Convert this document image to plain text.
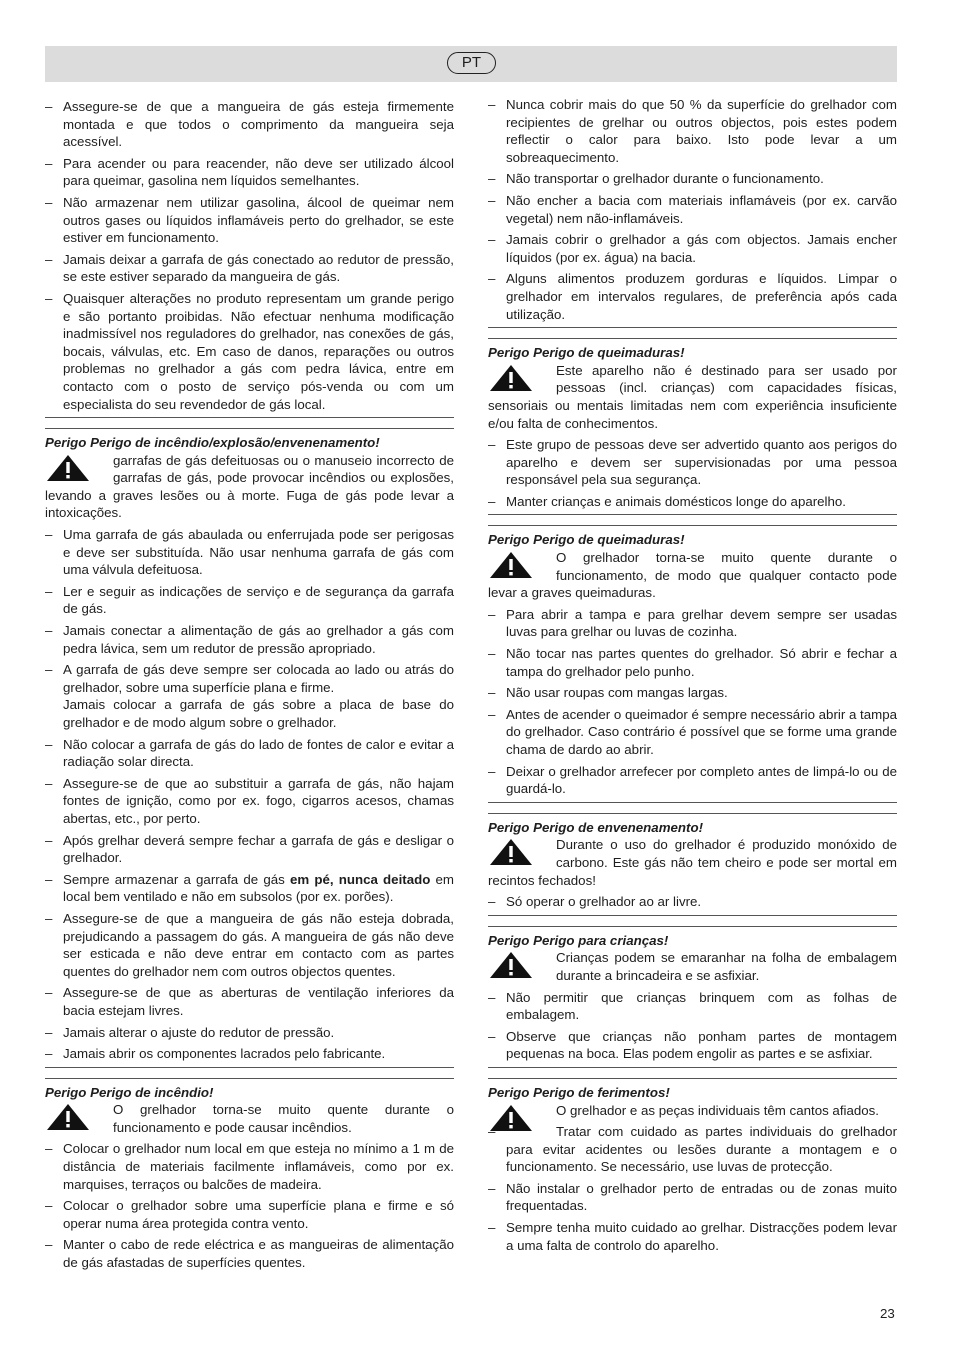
PT
– Assegure-se de que a mangueira de gás esteja firmemente montada e que todos o comprimento da mangueira seja acessível.
– Para acender ou para reacender, não deve ser utilizado álcool para queimar, gasolina nem líquidos semelhantes.
– Não armazenar nem utilizar gasolina, álcool de queimar nem outros gases ou líquidos inflamáveis perto do grelhador, se este estiver em funcionamento.
– Jamais deixar a garrafa de gás conectado ao redutor de pressão, se este estiver separado da mangueira de gás.
– Quaisquer alterações no produto representam um grande perigo e são portanto proibidas. Não efectuar nenhuma modificação inadmissível nos reguladores do grelhador, nas conexões de gás, bocais, válvulas, etc. Em caso de danos, reparações ou outros problemas no grelhador a gás com pedra lávica, entre em contacto com o posto de serviço pós-venda ou com um especialista do seu revendedor de gás local.

Perigo Perigo de incêndio/explosão/envenenamento!

garrafas de gás defeituosas ou o manuseio incorrecto de garrafas de gás, pode provocar incêndios ou explosões, levando a graves lesões ou à morte. Fuga de gás pode levar a intoxicações.

– Uma garrafa de gás abaulada ou enferrujada pode ser perigosas e deve ser substituída. Não usar nenhuma garrafa de gás com uma válvula defeituosa.
– Ler e seguir as indicações de serviço e de segurança da garrafa de gás.
– Jamais conectar a alimentação de gás ao grelhador a gás com pedra lávica, sem um redutor de pressão apropriado.
– A garrafa de gás deve sempre ser colocada ao lado ou atrás do grelhador, sobre uma superfície plana e firme.
Jamais colocar a garrafa de gás sobre a placa de base do grelhador e de modo algum sobre o grelhador.
– Não colocar a garrafa de gás do lado de fontes de calor e evitar a radiação solar directa.
– Assegure-se de que ao substituir a garrafa de gás, não hajam fontes de ignição, como por ex. fogo, cigarros acesos, chamas abertas, etc., por perto.
– Após grelhar deverá sempre fechar a garrafa de gás e desligar o grelhador.
– Sempre armazenar a garrafa de gás em pé, nunca deitado em local bem ventilado e não em subsolos (por ex. porões).
– Assegure-se de que a mangueira de gás não esteja dobrada, prejudicando a passagem do gás. A mangueira de gás não deve ser esticada e não deve entrar em contacto com as partes quentes do grelhador nem com outros objectos quentes.
– Assegure-se de que as aberturas de ventilação inferiores da bacia estejam livres.
– Jamais alterar o ajuste do redutor de pressão.
– Jamais abrir os componentes lacrados pelo fabricante.

Perigo Perigo de incêndio!

O grelhador torna-se muito quente durante o funcionamento e pode causar incêndios.

– Colocar o grelhador num local em que esteja no mínimo a 1 m de distância de materiais facilmente inflamáveis, como por ex. marquises, terraços ou balcões de madeira.
– Colocar o grelhador sobre uma superfície plana e firme e só operar numa área protegida contra vento.
– Manter o cabo de rede eléctrica e as mangueiras de alimentação de gás afastadas de superfícies quentes.
– Nunca cobrir mais do que 50 % da superfície do grelhador com recipientes de grelhar ou outros objectos, pois estes podem reflectir o calor para baixo. Isto pode levar a um sobreaquecimento.
– Não transportar o grelhador durante o funcionamento.
– Não encher a bacia com materiais inflamáveis (por ex. carvão vegetal) nem não-inflamáveis.
– Jamais cobrir o grelhador a gás com objectos. Jamais encher líquidos (por ex. água) na bacia.
– Alguns alimentos produzem gorduras e líquidos. Limpar o grelhador em intervalos regulares, de preferência após cada utilização.

Perigo Perigo de queimaduras!

Este aparelho não é destinado para ser usado por pessoas (incl. crianças) com capacidades físicas, sensoriais ou mentais limitadas nem com experiência insuficiente e/ou falta de conhecimentos.

– Este grupo de pessoas deve ser advertido quanto aos perigos do aparelho e devem ser supervisionadas por uma pessoa responsável pela sua segurança.
– Manter crianças e animais domésticos longe do aparelho.

Perigo Perigo de queimaduras!

O grelhador torna-se muito quente durante o funcionamento, de modo que qualquer contacto pode levar a graves queimaduras.

– Para abrir a tampa e para grelhar devem sempre ser usadas luvas para grelhar ou luvas de cozinha.
– Não tocar nas partes quentes do grelhador. Só abrir e fechar a tampa do grelhador pelo punho.
– Não usar roupas com mangas largas.
– Antes de acender o queimador é sempre necessário abrir a tampa do grelhador. Caso contrário é possível que se forme uma grande chama de dardo ao abrir.
– Deixar o grelhador arrefecer por completo antes de limpá-lo ou de guardá-lo.

Perigo Perigo de envenenamento!

Durante o uso do grelhador é produzido monóxido de carbono. Este gás não tem cheiro e pode ser mortal em recintos fechados!

– Só operar o grelhador ao ar livre.

Perigo Perigo para crianças!

Crianças podem se emaranhar na folha de embalagem durante a brincadeira e se asfixiar.

– Não permitir que crianças brinquem com as folhas de embalagem.
– Observe que crianças não ponham partes de montagem pequenas na boca. Elas podem engolir as partes e se asfixiar.

Perigo Perigo de ferimentos!

O grelhador e as peças individuais têm cantos afiados.

– Tratar com cuidado as partes individuais do grelhador para evitar acidentes ou lesões durante a montagem e o funcionamento. Se necessário, use luvas de protecção.
– Não instalar o grelhador perto de entradas ou de zonas muito frequentadas.
– Sempre tenha muito cuidado ao grelhar. Distracções podem levar a uma falta de controlo do aparelho.
23
